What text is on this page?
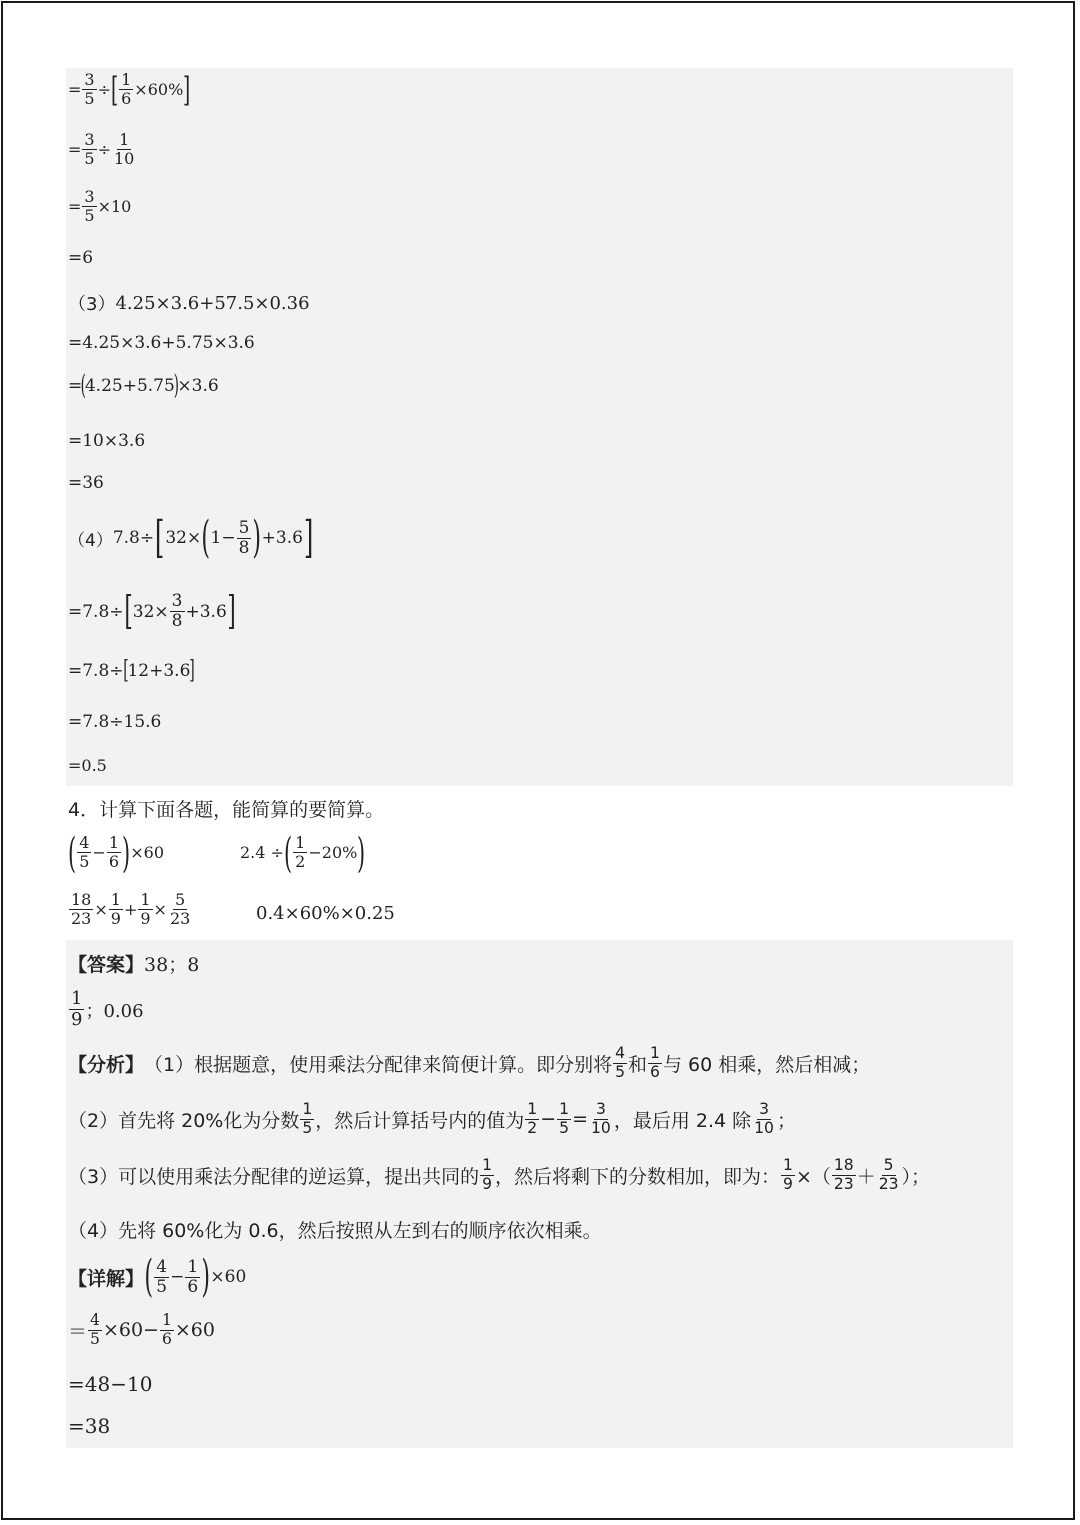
= $\frac{3}{5}$ ÷ [ $\frac{1}{6} \times 60\%$ ]
= $\frac{3}{5} \div \frac{1}{10}$
= $\frac{3}{5} \times 10$
=6
（3） 4.25×3.6+57.5×0.36
=4.25×3.6+5.75×3.6
=
(
4.25+5.75
)
×3.6
=10×3.6
=36
（4） 7.8÷ [ 32× ( $1- \frac{5}{8}$ ) +3.6 ]
=7.8÷ [ $32\times \frac{3}{8} +3.6$ ]
=7.8÷ [ 12+3.6 ]
=7.8÷15.6
=0.5
4．计算下面各题，能简算的要简算。
( 4
$5 - \frac{1}{6}$ ) ×60	2.4 ÷ ( 1
2 −20% )
$\frac{18}{23} \times \frac{1}{9} + \frac{1}{9} \times \frac{5}{23}$	0.4×60%×0.25
【答案】 38；8
1
9 ；0.06
【分析】 （1）根据题意，使用乘法分配律来简便计算。即分别将
4
5 和
1
6 与 60 相乘，然后相减；
（2）首先将 20%化为分数
1
5 ，然后计算括号内的值为
1
$2 - \frac{1}{5} = \frac{3}{10}$ ，最后用 2.4 除
3
10 ；
（3）可以使用乘法分配律的逆运算，提出共同的
1
9 ，然后将剩下的分数相加，即为： $\frac{1}{9}$ ×（
18
23 ＋
5
23 ）；
（4）先将 60%化为 0.6，然后按照从左到右的顺序依次相乘。
【详解】 ( 4
$5 - \frac{1}{6}$ ) ×60
＝ $\frac{4}{5} \times 60- \frac{1}{6} \times 60$
=48−10
=38
